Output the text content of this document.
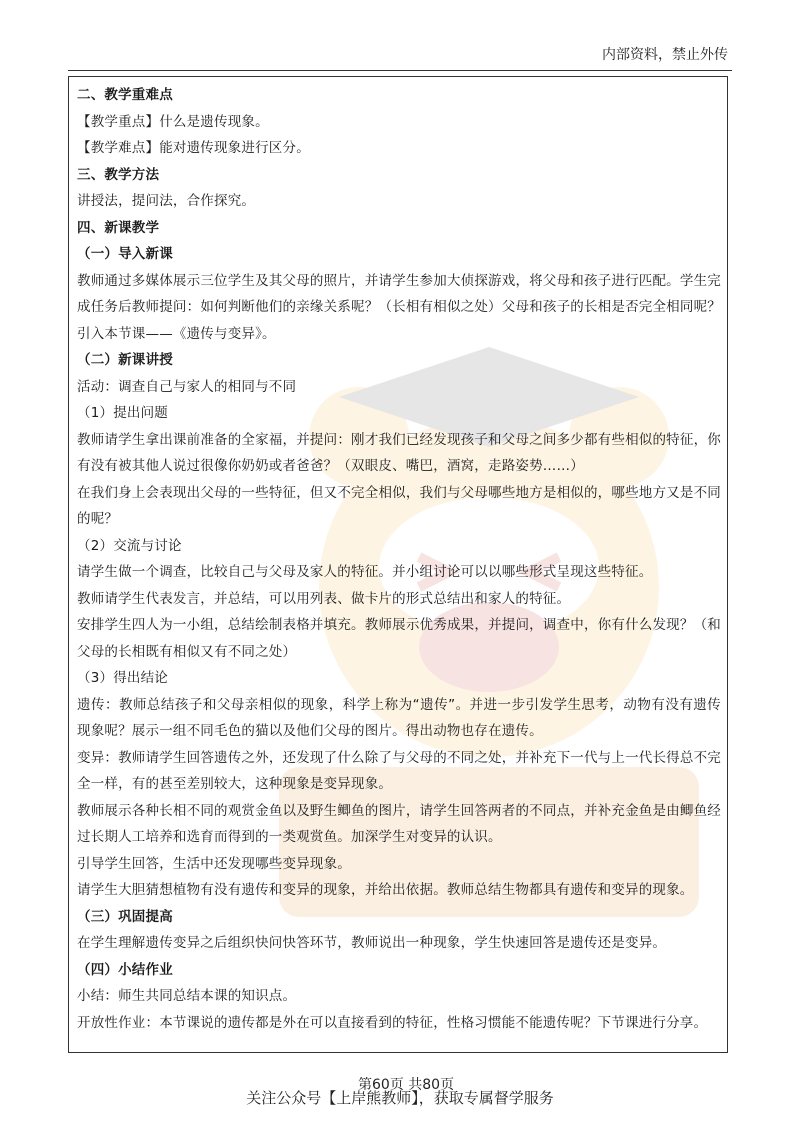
内部资料，禁止外传
二、教学重难点
【教学重点】什么是遗传现象。
【教学难点】能对遗传现象进行区分。
三、教学方法
讲授法，提问法，合作探究。
四、新课教学
（一）导入新课
教师通过多媒体展示三位学生及其父母的照片，并请学生参加大侦探游戏，将父母和孩子进行匹配。学生完成任务后教师提问：如何判断他们的亲缘关系呢？（长相有相似之处）父母和孩子的长相是否完全相同呢？引入本节课——《遗传与变异》。
（二）新课讲授
活动：调查自己与家人的相同与不同
（1）提出问题
教师请学生拿出课前准备的全家福，并提问：刚才我们已经发现孩子和父母之间多少都有些相似的特征，你有没有被其他人说过很像你奶奶或者爸爸？（双眼皮、嘴巴，酒窝，走路姿势……）
在我们身上会表现出父母的一些特征，但又不完全相似，我们与父母哪些地方是相似的，哪些地方又是不同的呢？
（2）交流与讨论
请学生做一个调查，比较自己与父母及家人的特征。并小组讨论可以以哪些形式呈现这些特征。
教师请学生代表发言，并总结，可以用列表、做卡片的形式总结出和家人的特征。
安排学生四人为一小组，总结绘制表格并填充。教师展示优秀成果，并提问，调查中，你有什么发现？（和父母的长相既有相似又有不同之处）
（3）得出结论
遗传：教师总结孩子和父母亲相似的现象，科学上称为“遗传”。并进一步引发学生思考，动物有没有遗传现象呢？展示一组不同毛色的猫以及他们父母的图片。得出动物也存在遗传。
变异：教师请学生回答遗传之外，还发现了什么除了与父母的不同之处，并补充下一代与上一代长得总不完全一样，有的甚至差别较大，这种现象是变异现象。
教师展示各种长相不同的观赏金鱼以及野生鲫鱼的图片，请学生回答两者的不同点，并补充金鱼是由鲫鱼经过长期人工培养和选育而得到的一类观赏鱼。加深学生对变异的认识。
引导学生回答，生活中还发现哪些变异现象。
请学生大胆猜想植物有没有遗传和变异的现象，并给出依据。教师总结生物都具有遗传和变异的现象。
（三）巩固提高
在学生理解遗传变异之后组织快问快答环节，教师说出一种现象，学生快速回答是遗传还是变异。
（四）小结作业
小结：师生共同总结本课的知识点。
开放性作业：本节课说的遗传都是外在可以直接看到的特征，性格习惯能不能遗传呢？下节课进行分享。
第60页 共80页
关注公众号【上岸熊教师】，获取专属督学服务
